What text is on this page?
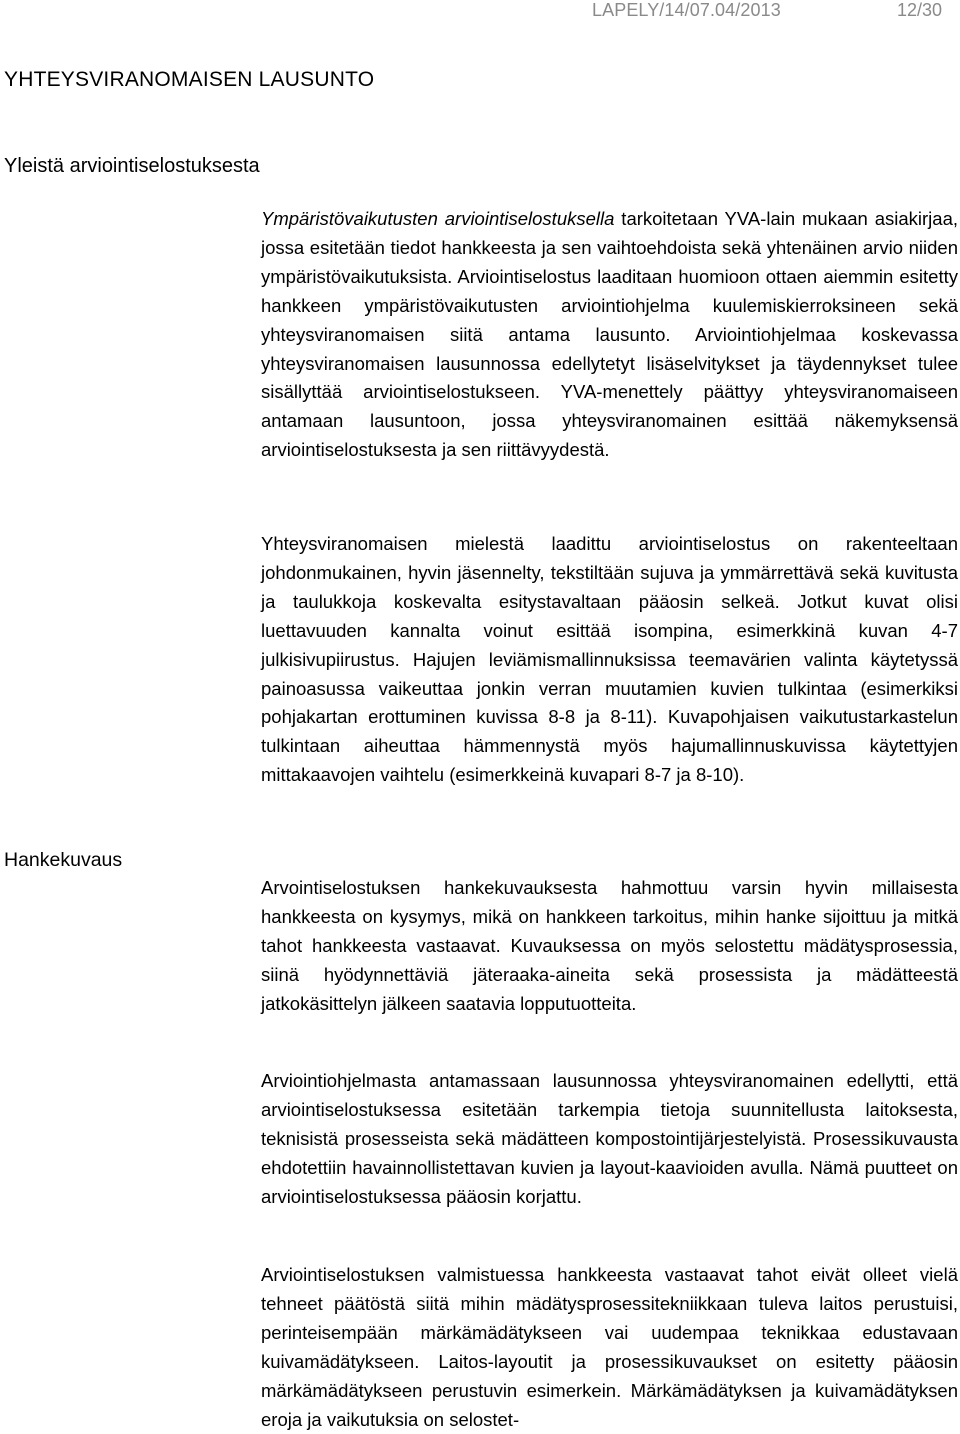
LAPELY/14/07.04/2013	12/30
YHTEYSVIRANOMAISEN LAUSUNTO
Yleistä arviointiselostuksesta

Ympäristövaikutusten arviointiselostuksella tarkoitetaan YVA-lain mukaan asiakirjaa, jossa esitetään tiedot hankkeesta ja sen vaihtoehdoista sekä yhtenäinen arvio niiden ympäristövaikutuksista. Arviointiselostus laaditaan huomioon ottaen aiemmin esitetty hankkeen ympäristövaikutusten arviointiohjelma kuulemiskierroksineen sekä yhteysviranomaisen siitä antama lausunto. Arviointiohjelmaa koskevassa yhteysviranomaisen lausunnossa edellytetyt lisäselvitykset ja täydennykset tulee sisällyttää arviointiselostukseen. YVA-menettely päättyy yhteysviranomaiseen antamaan lausuntoon, jossa yhteysviranomainen esittää näkemyksensä arviointiselostuksesta ja sen riittävyydestä.

Yhteysviranomaisen mielestä laadittu arviointiselostus on rakenteeltaan johdonmukainen, hyvin jäsennelty, tekstiltään sujuva ja ymmärrettävä sekä kuvitusta ja taulukkoja koskevalta esitystavaltaan pääosin selkeä. Jotkut kuvat olisi luettavuuden kannalta voinut esittää isompina, esimerkkinä kuvan 4-7 julkisivupiirustus. Hajujen leviämismallinnuksissa teemavärien valinta käytetyssä painoasussa vaikeuttaa jonkin verran muutamien kuvien tulkintaa (esimerkiksi pohjakartan erottuminen kuvissa 8-8 ja 8-11). Kuvapohjaisen vaikutustarkastelun tulkintaan aiheuttaa hämmennystä myös hajumallinnuskuvissa käytettyjen mittakaavojen vaihtelu (esimerkkeinä kuvapari 8-7 ja 8-10).

Hankekuvaus

Arvointiselostuksen hankekuvauksesta hahmottuu varsin hyvin millaisesta hankkeesta on kysymys, mikä on hankkeen tarkoitus, mihin hanke sijoittuu ja mitkä tahot hankkeesta vastaavat. Kuvauksessa on myös selostettu mädätysprosessia, siinä hyödynnettäviä jäteraaka-aineita sekä prosessista ja mädätteestä jatkokäsittelyn jälkeen saatavia lopputuotteita.

Arviointiohjelmasta antamassaan lausunnossa yhteysviranomainen edellytti, että arviointiselostuksessa esitetään tarkempia tietoja suunnitellusta laitoksesta, teknisistä prosesseista sekä mädätteen kompostointijärjestelyistä. Prosessikuvausta ehdotettiin havainnollistettavan kuvien ja layout-kaavioiden avulla. Nämä puutteet on arviointiselostuksessa pääosin korjattu.

Arviointiselostuksen valmistuessa hankkeesta vastaavat tahot eivät olleet vielä tehneet päätöstä siitä mihin mädätysprosessitekniikkaan tuleva laitos perustuisi, perinteisempään märkämädätykseen vai uudempaa teknikkaa edustavaan kuivamädätykseen. Laitos-layoutit ja prosessikuvaukset on esitetty pääosin märkämädätykseen perustuvin esimerkein. Märkämädätyksen ja kuivamädätyksen eroja ja vaikutuksia on selostet-
